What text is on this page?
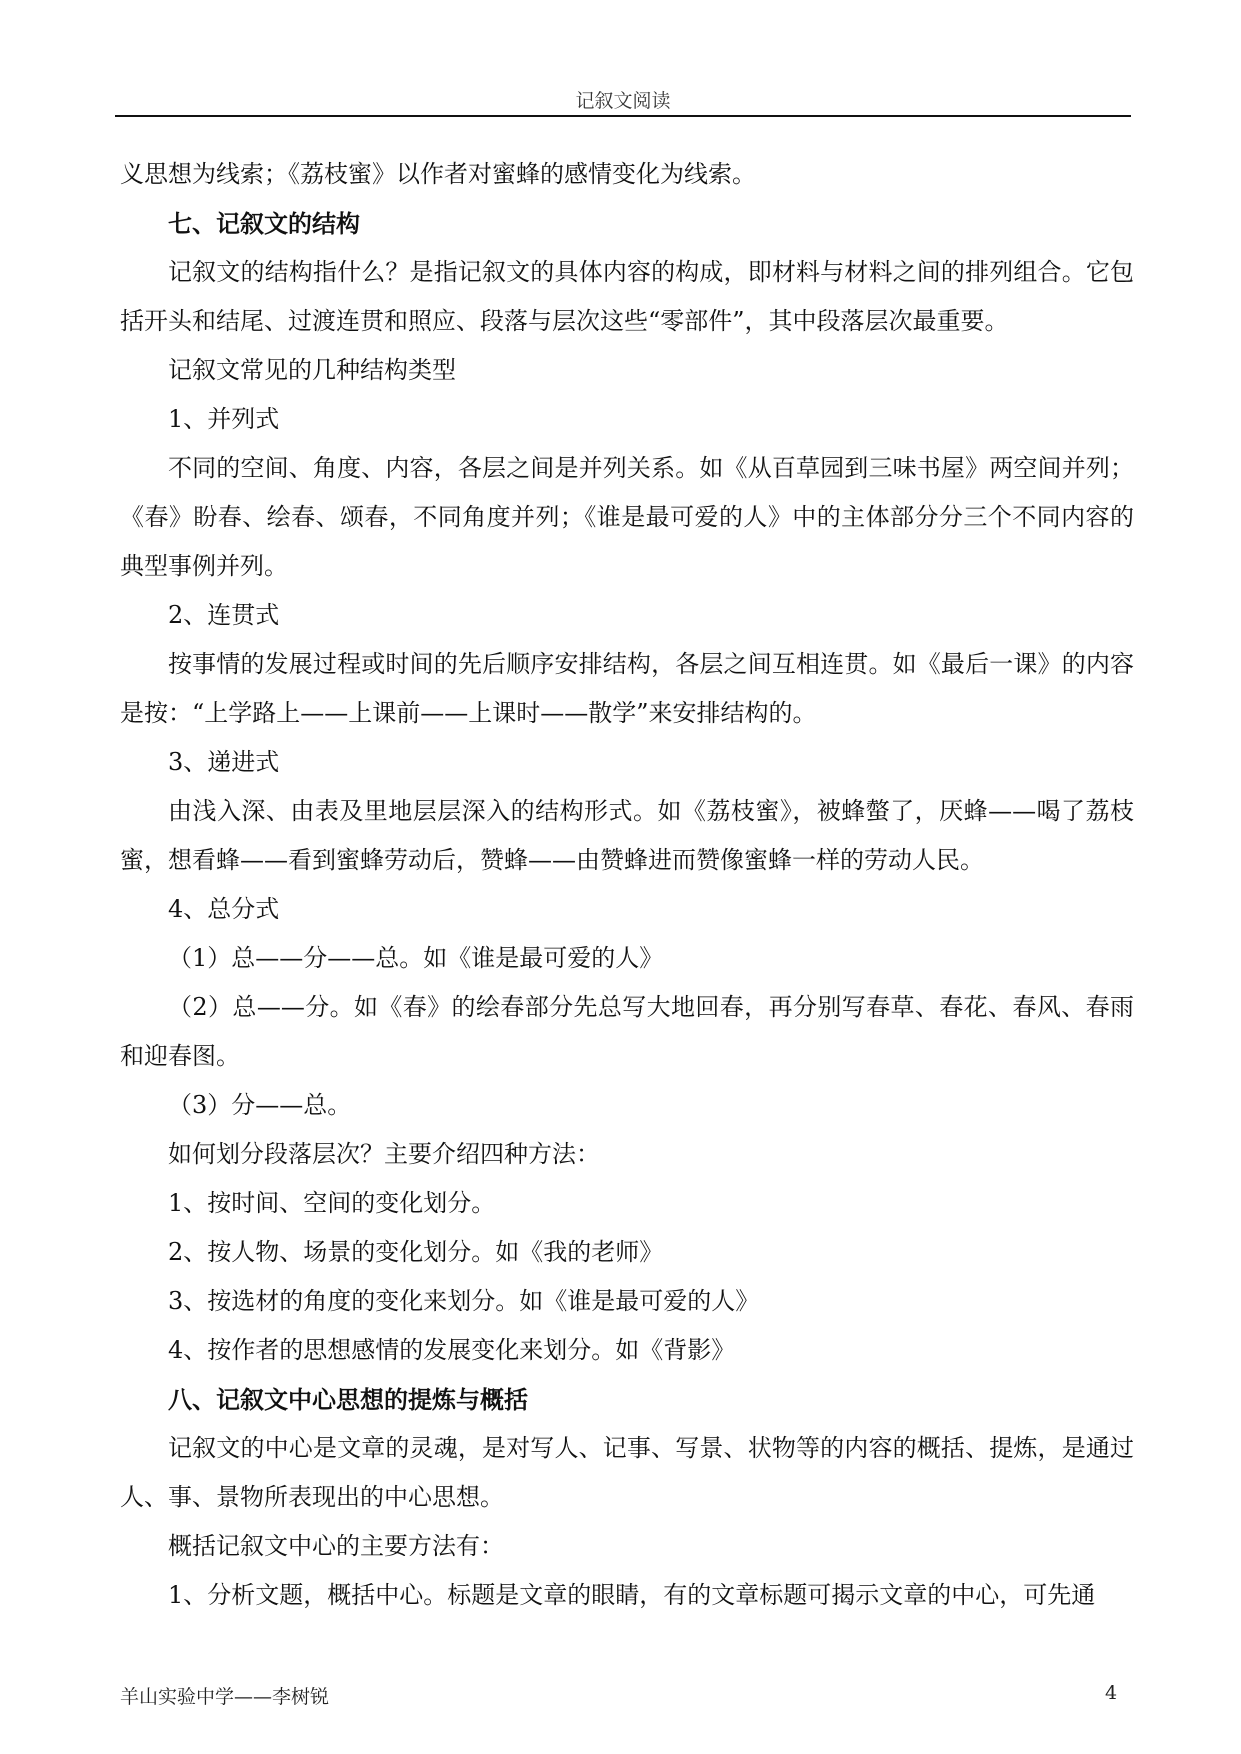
记叙文阅读

义思想为线索；《荔枝蜜》以作者对蜜蜂的感情变化为线索。

七、记叙文的结构

记叙文的结构指什么？是指记叙文的具体内容的构成，即材料与材料之间的排列组合。它包括开头和结尾、过渡连贯和照应、段落与层次这些“零部件”，其中段落层次最重要。

记叙文常见的几种结构类型

1、并列式

不同的空间、角度、内容，各层之间是并列关系。如《从百草园到三味书屋》两空间并列；《春》盼春、绘春、颂春，不同角度并列；《谁是最可爱的人》中的主体部分分三个不同内容的典型事例并列。

2、连贯式

按事情的发展过程或时间的先后顺序安排结构，各层之间互相连贯。如《最后一课》的内容是按：“上学路上——上课前——上课时——散学”来安排结构的。

3、递进式

由浅入深、由表及里地层层深入的结构形式。如《荔枝蜜》，被蜂螫了，厌蜂——喝了荔枝蜜，想看蜂——看到蜜蜂劳动后，赞蜂——由赞蜂进而赞像蜜蜂一样的劳动人民。

4、总分式

（1）总——分——总。如《谁是最可爱的人》

（2）总——分。如《春》的绘春部分先总写大地回春，再分别写春草、春花、春风、春雨和迎春图。

（3）分——总。

如何划分段落层次？主要介绍四种方法：

1、按时间、空间的变化划分。

2、按人物、场景的变化划分。如《我的老师》

3、按选材的角度的变化来划分。如《谁是最可爱的人》

4、按作者的思想感情的发展变化来划分。如《背影》

八、记叙文中心思想的提炼与概括

记叙文的中心是文章的灵魂，是对写人、记事、写景、状物等的内容的概括、提炼，是通过人、事、景物所表现出的中心思想。

概括记叙文中心的主要方法有：

1、分析文题，概括中心。标题是文章的眼睛，有的文章标题可揭示文章的中心，可先通

羊山实验中学——李树锐	4
